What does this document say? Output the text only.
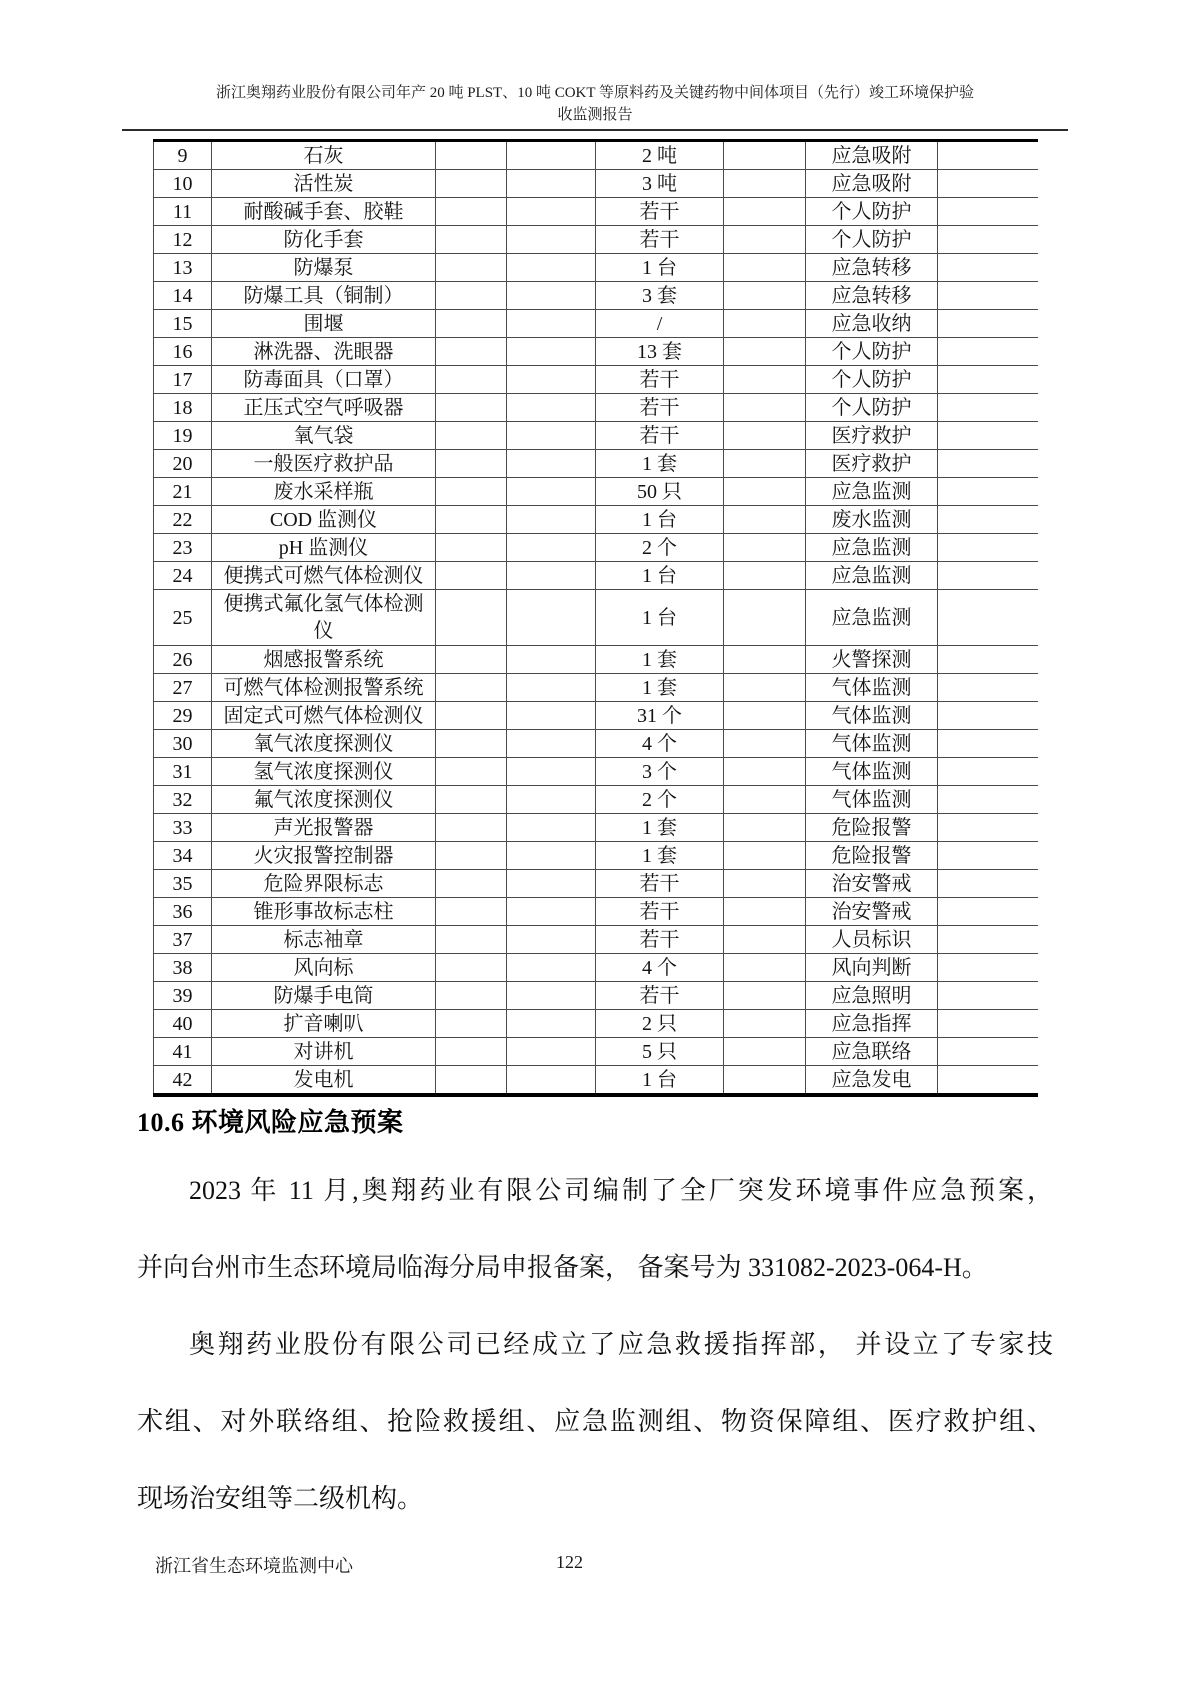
浙江奥翔药业股份有限公司年产 20 吨 PLST、10 吨 COKT 等原料药及关键药物中间体项目（先行）竣工环境保护验
收监测报告
9	石灰			2 吨		应急吸附	
10	活性炭			3 吨		应急吸附	
11	耐酸碱手套、胶鞋			若干		个人防护	
12	防化手套			若干		个人防护	
13	防爆泵			1 台		应急转移	
14	防爆工具（铜制）			3 套		应急转移	
15	围堰			/		应急收纳	
16	淋洗器、洗眼器			13 套		个人防护	
17	防毒面具（口罩）			若干		个人防护	
18	正压式空气呼吸器			若干		个人防护	
19	氧气袋			若干		医疗救护	
20	一般医疗救护品			1 套		医疗救护	
21	废水采样瓶			50 只		应急监测	
22	COD 监测仪			1 台		废水监测	
23	pH 监测仪			2 个		应急监测	
24	便携式可燃气体检测仪			1 台		应急监测	
25	便携式氟化氢气体检测仪			1 台		应急监测	
26	烟感报警系统			1 套		火警探测	
27	可燃气体检测报警系统			1 套		气体监测	
29	固定式可燃气体检测仪			31 个		气体监测	
30	氧气浓度探测仪			4 个		气体监测	
31	氢气浓度探测仪			3 个		气体监测	
32	氟气浓度探测仪			2 个		气体监测	
33	声光报警器			1 套		危险报警	
34	火灾报警控制器			1 套		危险报警	
35	危险界限标志			若干		治安警戒	
36	锥形事故标志柱			若干		治安警戒	
37	标志袖章			若干		人员标识	
38	风向标			4 个		风向判断	
39	防爆手电筒			若干		应急照明	
40	扩音喇叭			2 只		应急指挥	
41	对讲机			5 只		应急联络	
42	发电机			1 台		应急发电	
10.6 环境风险应急预案
2023 年 11 月,奥翔药业有限公司编制了全厂突发环境事件应急预案，
并向台州市生态环境局临海分局申报备案， 备案号为 331082-2023-064-H。
奥翔药业股份有限公司已经成立了应急救援指挥部， 并设立了专家技
术组、对外联络组、抢险救援组、应急监测组、物资保障组、医疗救护组、
现场治安组等二级机构。
浙江省生态环境监测中心	122
